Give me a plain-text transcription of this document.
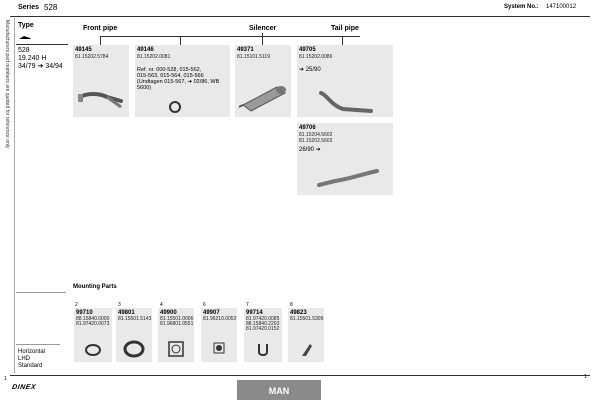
Series 528	System No.: 147100012
Manufacturers part numbers are quoted for reference only Type
528
19.240 H
34/79 ➔ 34/94
Front pipe	Silencer	Tail pipe
49145
81.15202.5784
49146
81.15202.0081
Ref. nr. 000-528, 015-562,
015-563, 015-564, 015-566
(Undtagen 015-567, ➔ 02/86, WB
5600)
49371
81.15101.5119
49705
81.15202.0086
➔ 25/90
49706
81.15204.5602
81.15202.5602
26/90 ➔
Mounting Parts
2
99710
88.15840.0000
81.97420.0073
3
49801
81.15501.5143
4
49900
81.15501.0006
81.96801.0551
6
49907
81.96210.0052
7
99714
81.97420.0085
88.15840.2203
81.97420.0152
8
49823
81.15501.5309
Horizontal
LHD
Standard
1	1
DINEX	MAN
